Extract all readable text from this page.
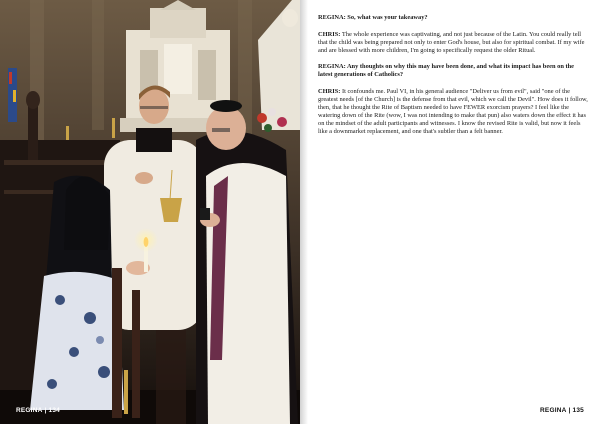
REGINA | 134

REGINA: So, what was your takeaway?

CHRIS: The whole experience was captivating, and not just because of the Latin. You could really tell that the child was being prepared not only to enter God's house, but also for spiritual combat. If my wife and are blessed with more children, I'm going to specifically request the older Ritual.

REGINA: Any thoughts on why this may have been done, and what its impact has been on the latest generations of Catholics?

CHRIS: It confounds me. Paul VI, in his general audience "Deliver us from evil", said "one of the greatest needs [of the Church] is the defense from that evil, which we call the Devil". How does it follow, then, that he thought the Rite of Baptism needed to have FEWER exorcism prayers? I feel like the watering down of the Rite (wow, I was not intending to make that pun) also waters down the effect it has on the mindset of the adult participants and witnesses. I know the revised Rite is valid, but now it feels like a downmarket replacement, and one that's subtler than a felt banner.

REGINA | 135
